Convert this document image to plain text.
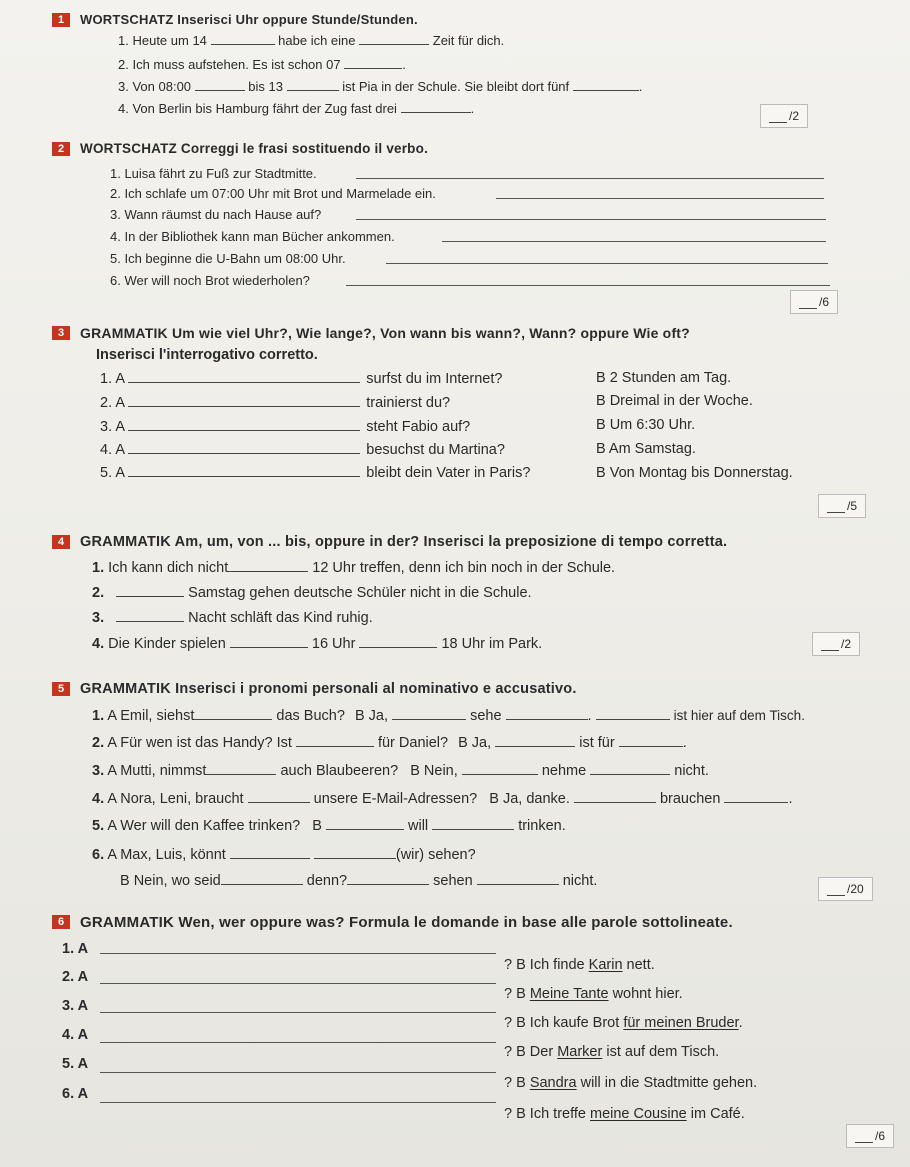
1	WORTSCHATZ Inserisci Uhr oppure Stunde/Stunden.
1. Heute um 14	habe ich eine	Zeit für dich.
2. Ich muss aufstehen. Es ist schon 07	.
3. Von 08:00	bis 13	ist Pia in der Schule. Sie bleibt dort fünf	.
4. Von Berlin bis Hamburg fährt der Zug fast drei	.	/2
2	WORTSCHATZ Correggi le frasi sostituendo il verbo.
1. Luisa fährt zu Fuß zur Stadtmitte.
2. Ich schlafe um 07:00 Uhr mit Brot und Marmelade ein.
3. Wann räumst du nach Hause auf?
4. In der Bibliothek kann man Bücher ankommen.
5. Ich beginne die U-Bahn um 08:00 Uhr.
6. Wer will noch Brot wiederholen?
/6
3	GRAMMATIK Um wie viel Uhr?, Wie lange?, Von wann bis wann?, Wann? oppure Wie oft?
Inserisci l'interrogativo corretto.
1. A	surfst du im Internet?	B 2 Stunden am Tag.
2. A	trainierst du?	B Dreimal in der Woche.
3. A	steht Fabio auf?	B Um 6:30 Uhr.
4. A	besuchst du Martina?	B Am Samstag.
5. A	bleibt dein Vater in Paris?	B Von Montag bis Donnerstag.
/5
4	GRAMMATIK Am, um, von ... bis, oppure in der? Inserisci la preposizione di tempo corretta.
1. Ich kann dich nicht	12 Uhr treffen, denn ich bin noch in der Schule.
2.	Samstag gehen deutsche Schüler nicht in die Schule.
3.	Nacht schläft das Kind ruhig.
4. Die Kinder spielen	16 Uhr	18 Uhr im Park.	/2
5	GRAMMATIK Inserisci i pronomi personali al nominativo e accusativo.
1. A Emil, siehst	das Buch? B Ja,	sehe	.	ist hier auf dem Tisch.
2. A Für wen ist das Handy? Ist	für Daniel? B Ja,	ist für	.
3. A Mutti, nimmst	auch Blaubeeren? B Nein,	nehme	nicht.
4. A Nora, Leni, braucht	unsere E-Mail-Adressen? B Ja, danke.	brauchen	.
5. A Wer will den Kaffee trinken? B	will	trinken.
6. A Max, Luis, könnt	(wir) sehen?
B Nein, wo seid	denn?	sehen	nicht.	/20
6	GRAMMATIK Wen, wer oppure was? Formula le domande in base alle parole sottolineate.
1. A
? B Ich finde Karin nett.
2. A
? B Meine Tante wohnt hier.
3. A
? B Ich kaufe Brot für meinen Bruder.
4. A
? B Der Marker ist auf dem Tisch.
5. A
? B Sandra will in die Stadtmitte gehen.
6. A
? B Ich treffe meine Cousine im Café.
/6
